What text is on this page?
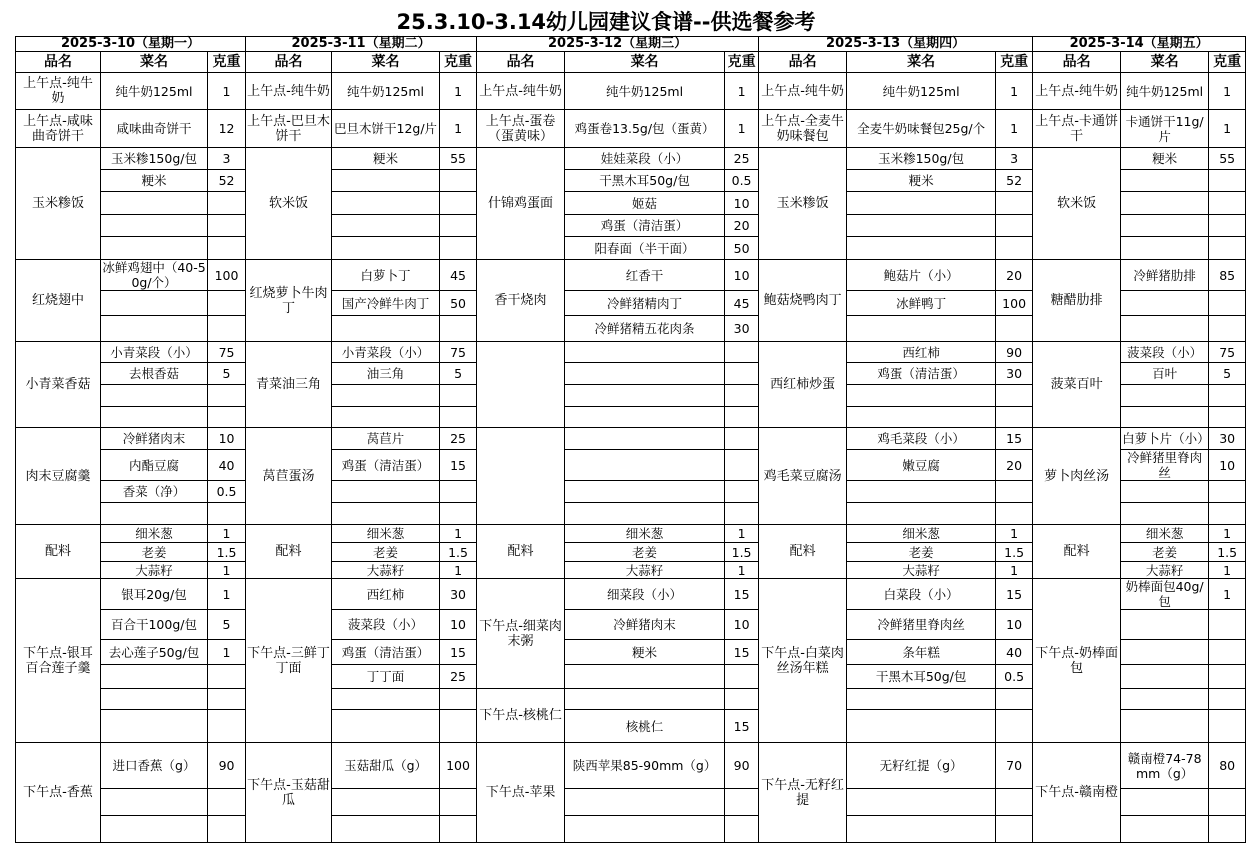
25.3.10-3.14幼儿园建议食谱--供选餐参考
2025-3-10（星期一）			2025-3-11（星期二）			2025-3-12（星期三）			2025-3-13（星期四）			2025-3-14（星期五）		
品名	菜名	克重	品名	菜名	克重	品名	菜名	克重	品名	菜名	克重	品名	菜名	克重
上午点-纯牛奶	纯牛奶125ml	1	上午点-纯牛奶	纯牛奶125ml	1	上午点-纯牛奶	纯牛奶125ml	1	上午点-纯牛奶	纯牛奶125ml	1	上午点-纯牛奶	纯牛奶125ml	1
上午点-咸味曲奇饼干	咸味曲奇饼干	12	上午点-巴旦木饼干	巴旦木饼干12g/片	1	上午点-蛋卷（蛋黄味）	鸡蛋卷13.5g/包（蛋黄）	1	上午点-全麦牛奶味餐包	全麦牛奶味餐包25g/个	1	上午点-卡通饼干	卡通饼干11g/片	1
玉米糁饭	玉米糁150g/包	3	软米饭	粳米	55	什锦鸡蛋面	娃娃菜段（小）	25	玉米糁饭	玉米糁150g/包	3	软米饭	粳米	55
	粳米	52					干黑木耳50g/包	0.5		粳米	52			
							姬菇	10						
							鸡蛋（清洁蛋）	20						
							阳春面（半干面）	50						
红烧翅中	冰鲜鸡翅中（40-50g/个）	100	红烧萝卜牛肉丁	白萝卜丁	45	香干烧肉	红香干	10	鲍菇烧鸭肉丁	鲍菇片（小）	20	糖醋肋排	冷鲜猪肋排	85
				国产冷鲜牛肉丁	50		冷鲜猪精肉丁	45		冰鲜鸭丁	100			
							冷鲜猪精五花肉条	30						
小青菜香菇	小青菜段（小）	75	青菜油三角	小青菜段（小）	75				西红柿炒蛋	西红柿	90	菠菜百叶	菠菜段（小）	75
	去根香菇	5		油三角	5					鸡蛋（清洁蛋）	30		百叶	5

肉末豆腐羹	冷鲜猪肉末	10	莴苣蛋汤	莴苣片	25				鸡毛菜豆腐汤	鸡毛菜段（小）	15	萝卜肉丝汤	白萝卜片（小）	30
	内酯豆腐	40		鸡蛋（清洁蛋）	15					嫩豆腐	20		冷鲜猪里脊肉丝	10
	香菜（净）	0.5												

配料	细米葱	1	配料	细米葱	1	配料	细米葱	1	配料	细米葱	1	配料	细米葱	1
	老姜	1.5		老姜	1.5		老姜	1.5		老姜	1.5		老姜	1.5
	大蒜籽	1		大蒜籽	1		大蒜籽	1		大蒜籽	1		大蒜籽	1
下午点-银耳百合莲子羹	银耳20g/包	1	下午点-三鲜丁丁面	西红柿	30	下午点-细菜肉末粥	细菜段（小）	15	下午点-白菜肉丝汤年糕	白菜段（小）	15	下午点-奶棒面包	奶棒面包40g/包	1
	百合干100g/包	5		菠菜段（小）	10		冷鲜猪肉末	10		冷鲜猪里脊肉丝	10			
	去心莲子50g/包	1		鸡蛋（清洁蛋）	15		粳米	15		条年糕	40			
				丁丁面	25					干黑木耳50g/包	0.5			
						下午点-核桃仁								
							核桃仁	15						
下午点-香蕉	进口香蕉（g）	90	下午点-玉菇甜瓜	玉菇甜瓜（g）	100	下午点-苹果	陕西苹果85-90mm（g）	90	下午点-无籽红提	无籽红提（g）	70	下午点-赣南橙	赣南橙74-78mm（g）	80
